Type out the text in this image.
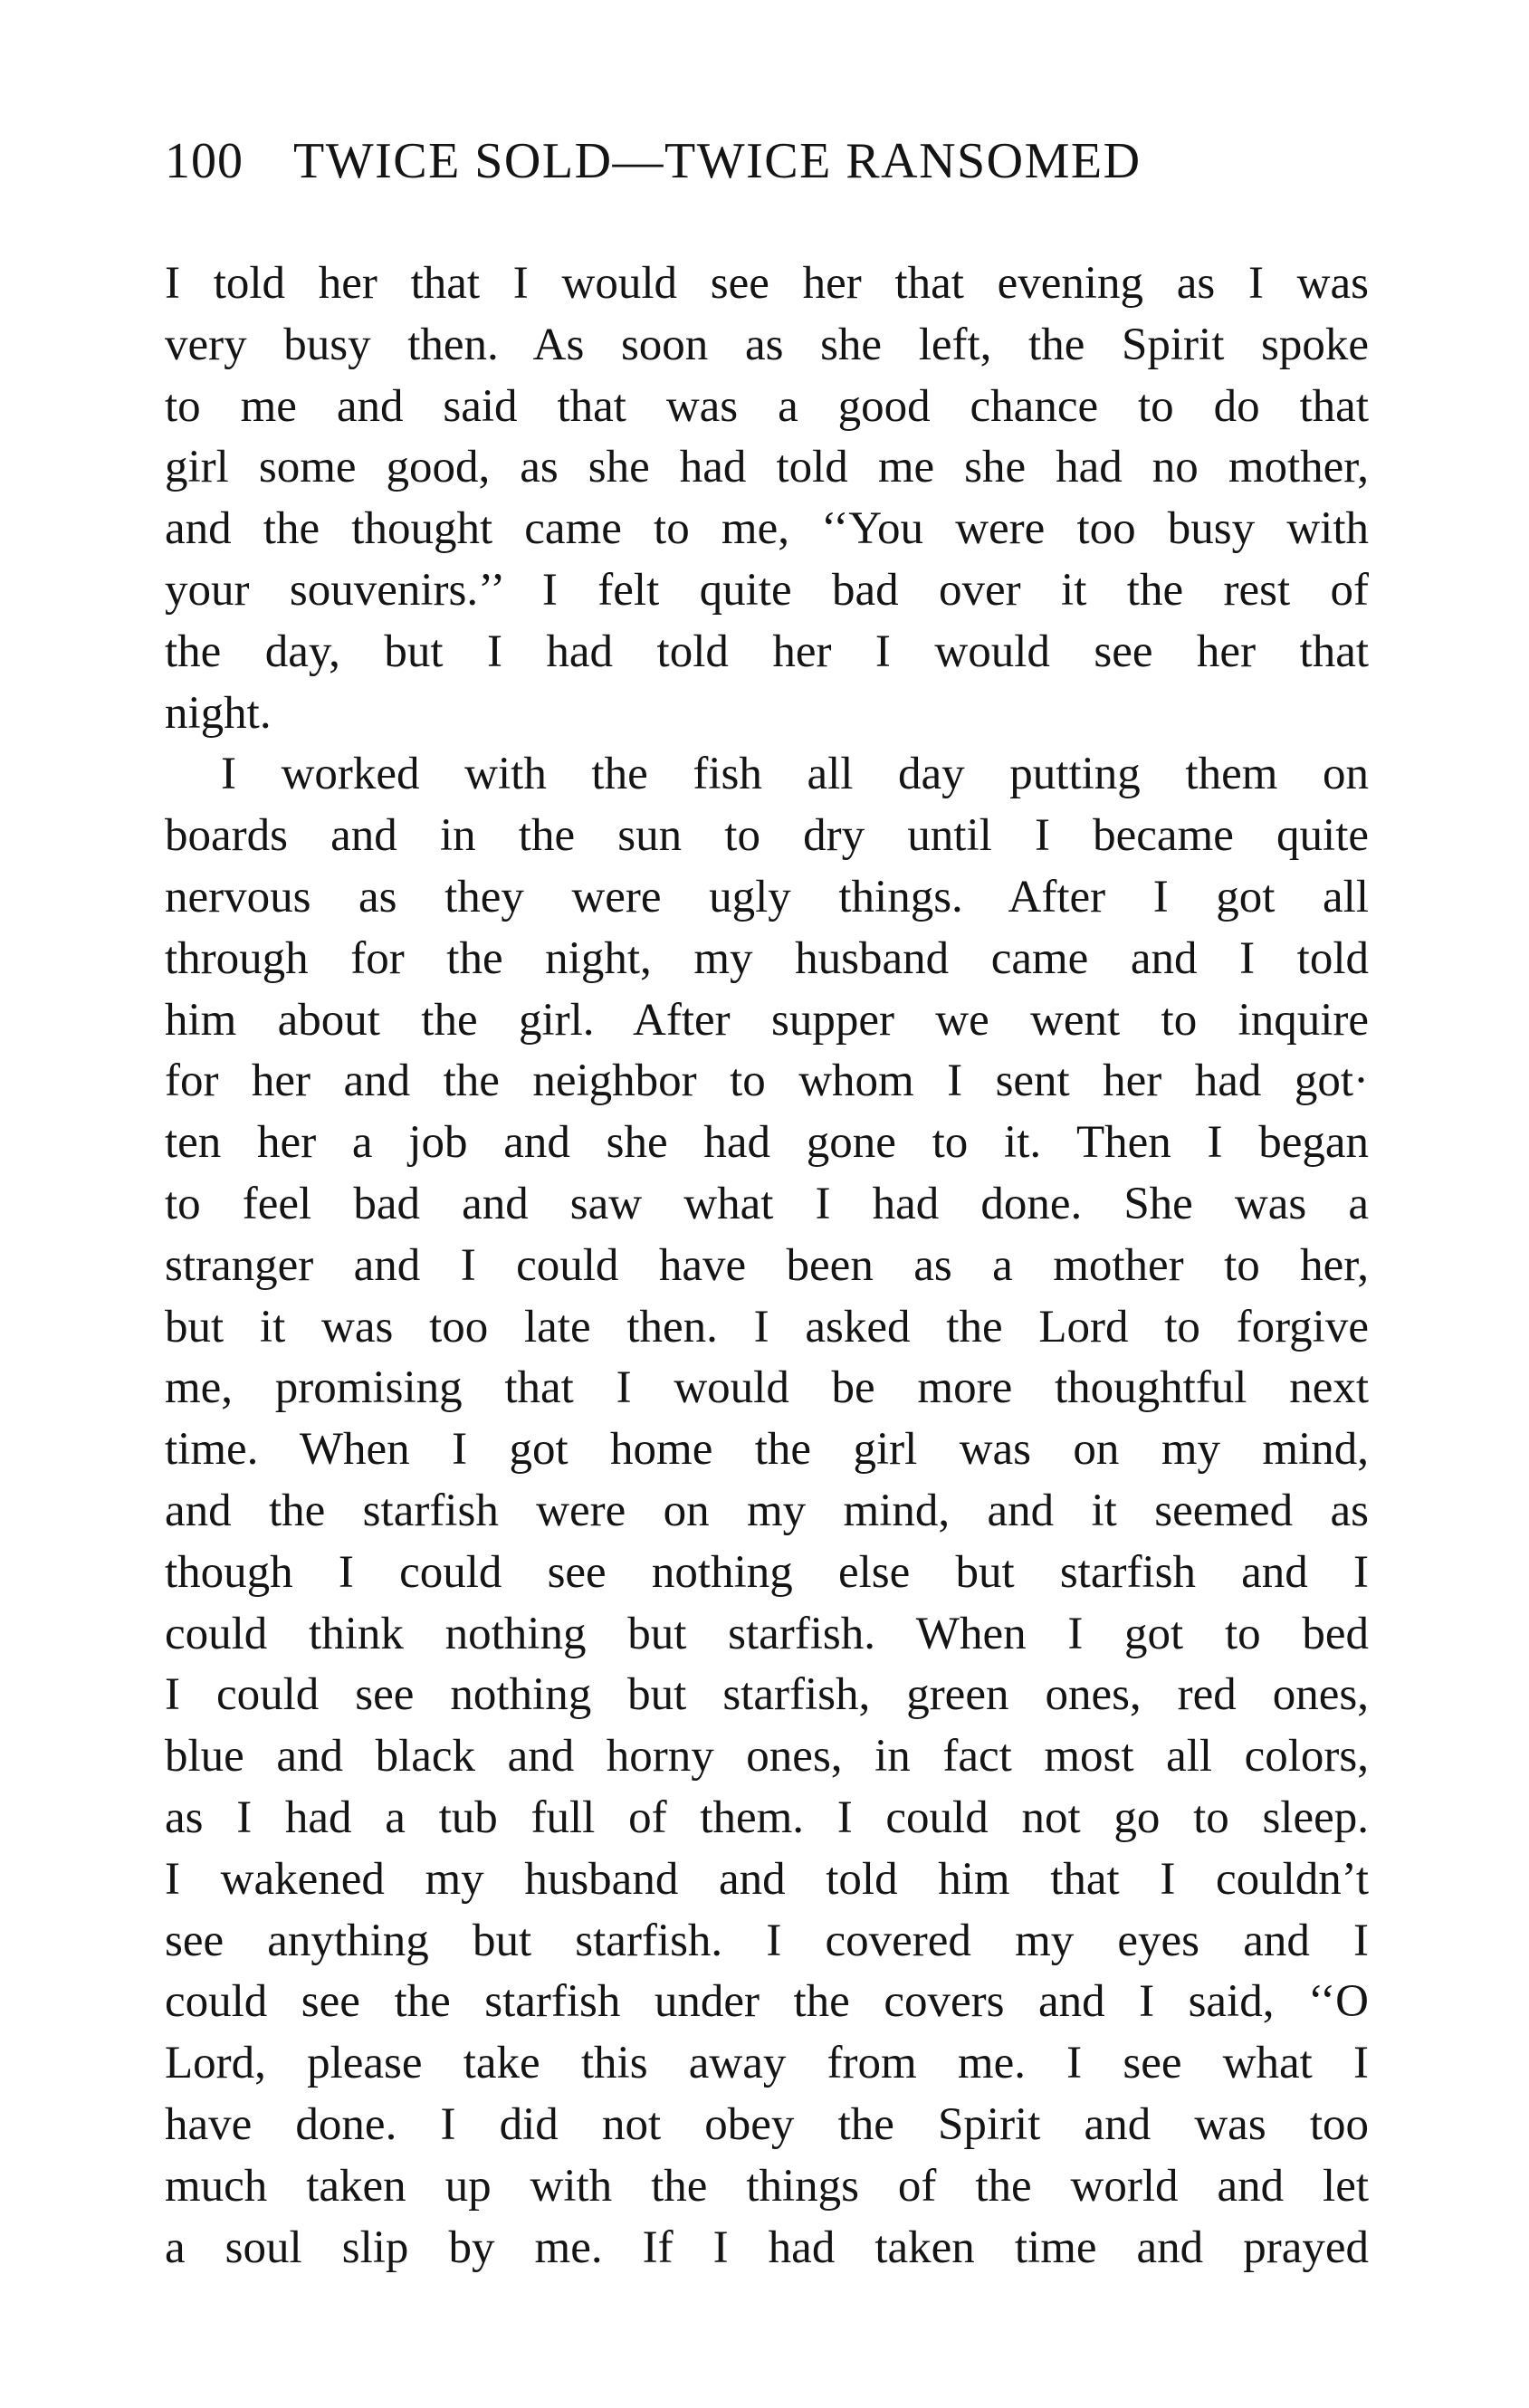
100 TWICE SOLD—TWICE RANSOMED
I told her that I would see her that evening as I was
very busy then. As soon as she left, the Spirit spoke
to me and said that was a good chance to do that
girl some good, as she had told me she had no mother,
and the thought came to me, ‘‘You were too busy with
your souvenirs.’’ I felt quite bad over it the rest of
the day, but I had told her I would see her that
night.
I worked with the fish all day putting them on
boards and in the sun to dry until I became quite
nervous as they were ugly things. After I got all
through for the night, my husband came and I told
him about the girl. After supper we went to inquire
for her and the neighbor to whom I sent her had got·
ten her a job and she had gone to it. Then I began
to feel bad and saw what I had done. She was a
stranger and I could have been as a mother to her,
but it was too late then. I asked the Lord to forgive
me, promising that I would be more thoughtful next
time. When I got home the girl was on my mind,
and the starfish were on my mind, and it seemed as
though I could see nothing else but starfish and I
could think nothing but starfish. When I got to bed
I could see nothing but starfish, green ones, red ones,
blue and black and horny ones, in fact most all colors,
as I had a tub full of them. I could not go to sleep.
I wakened my husband and told him that I couldn’t
see anything but starfish. I covered my eyes and I
could see the starfish under the covers and I said, ‘‘O
Lord, please take this away from me. I see what I
have done. I did not obey the Spirit and was too
much taken up with the things of the world and let
a soul slip by me. If I had taken time and prayed
